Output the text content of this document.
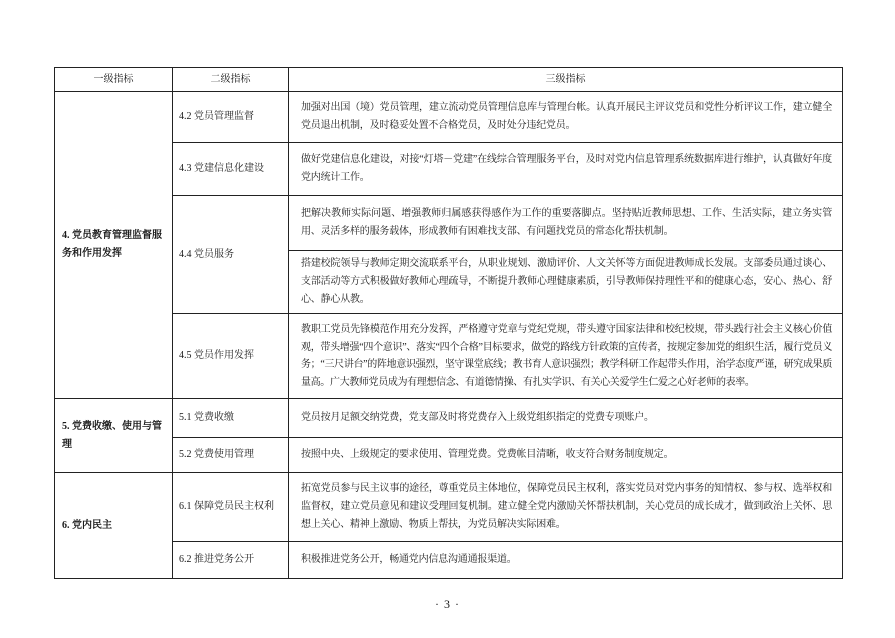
一级指标	二级指标	三级指标
4. 党员教育管理监督服务和作用发挥	4.2 党员管理监督	加强对出国（境）党员管理，建立流动党员管理信息库与管理台帐。认真开展民主评议党员和党性分析评议工作，建立健全党员退出机制，及时稳妥处置不合格党员，及时处分违纪党员。
	4.3 党建信息化建设	做好党建信息化建设，对接“灯塔－党建”在线综合管理服务平台，及时对党内信息管理系统数据库进行维护，认真做好年度党内统计工作。
	4.4 党员服务	把解决教师实际问题、增强教师归属感获得感作为工作的重要落脚点。坚持贴近教师思想、工作、生活实际，建立务实管用、灵活多样的服务载体，形成教师有困难找支部、有问题找党员的常态化帮扶机制。
		搭建校院领导与教师定期交流联系平台，从职业规划、激励评价、人文关怀等方面促进教师成长发展。支部委员通过谈心、支部活动等方式积极做好教师心理疏导，不断提升教师心理健康素质，引导教师保持理性平和的健康心态，安心、热心、舒心、静心从教。
	4.5 党员作用发挥	教职工党员先锋模范作用充分发挥，严格遵守党章与党纪党规，带头遵守国家法律和校纪校规，带头践行社会主义核心价值观，带头增强“四个意识”、落实“四个合格”目标要求，做党的路线方针政策的宣传者，按规定参加党的组织生活，履行党员义务；“三尺讲台”的阵地意识强烈，坚守课堂底线；教书育人意识强烈；教学科研工作起带头作用，治学态度严谨，研究成果质量高。广大教师党员成为有理想信念、有道德情操、有扎实学识、有关心关爱学生仁爱之心好老师的表率。
5. 党费收缴、使用与管理	5.1 党费收缴	党员按月足额交纳党费，党支部及时将党费存入上级党组织指定的党费专项账户。
	5.2 党费使用管理	按照中央、上级规定的要求使用、管理党费。党费帐目清晰，收支符合财务制度规定。
6. 党内民主	6.1 保障党员民主权利	拓宽党员参与民主议事的途径，尊重党员主体地位，保障党员民主权利，落实党员对党内事务的知情权、参与权、选举权和监督权，建立党员意见和建议受理回复机制。建立健全党内激励关怀帮扶机制，关心党员的成长成才，做到政治上关怀、思想上关心、精神上激励、物质上帮扶，为党员解决实际困难。
	6.2 推进党务公开	积极推进党务公开，畅通党内信息沟通通报渠道。
· 3 ·
